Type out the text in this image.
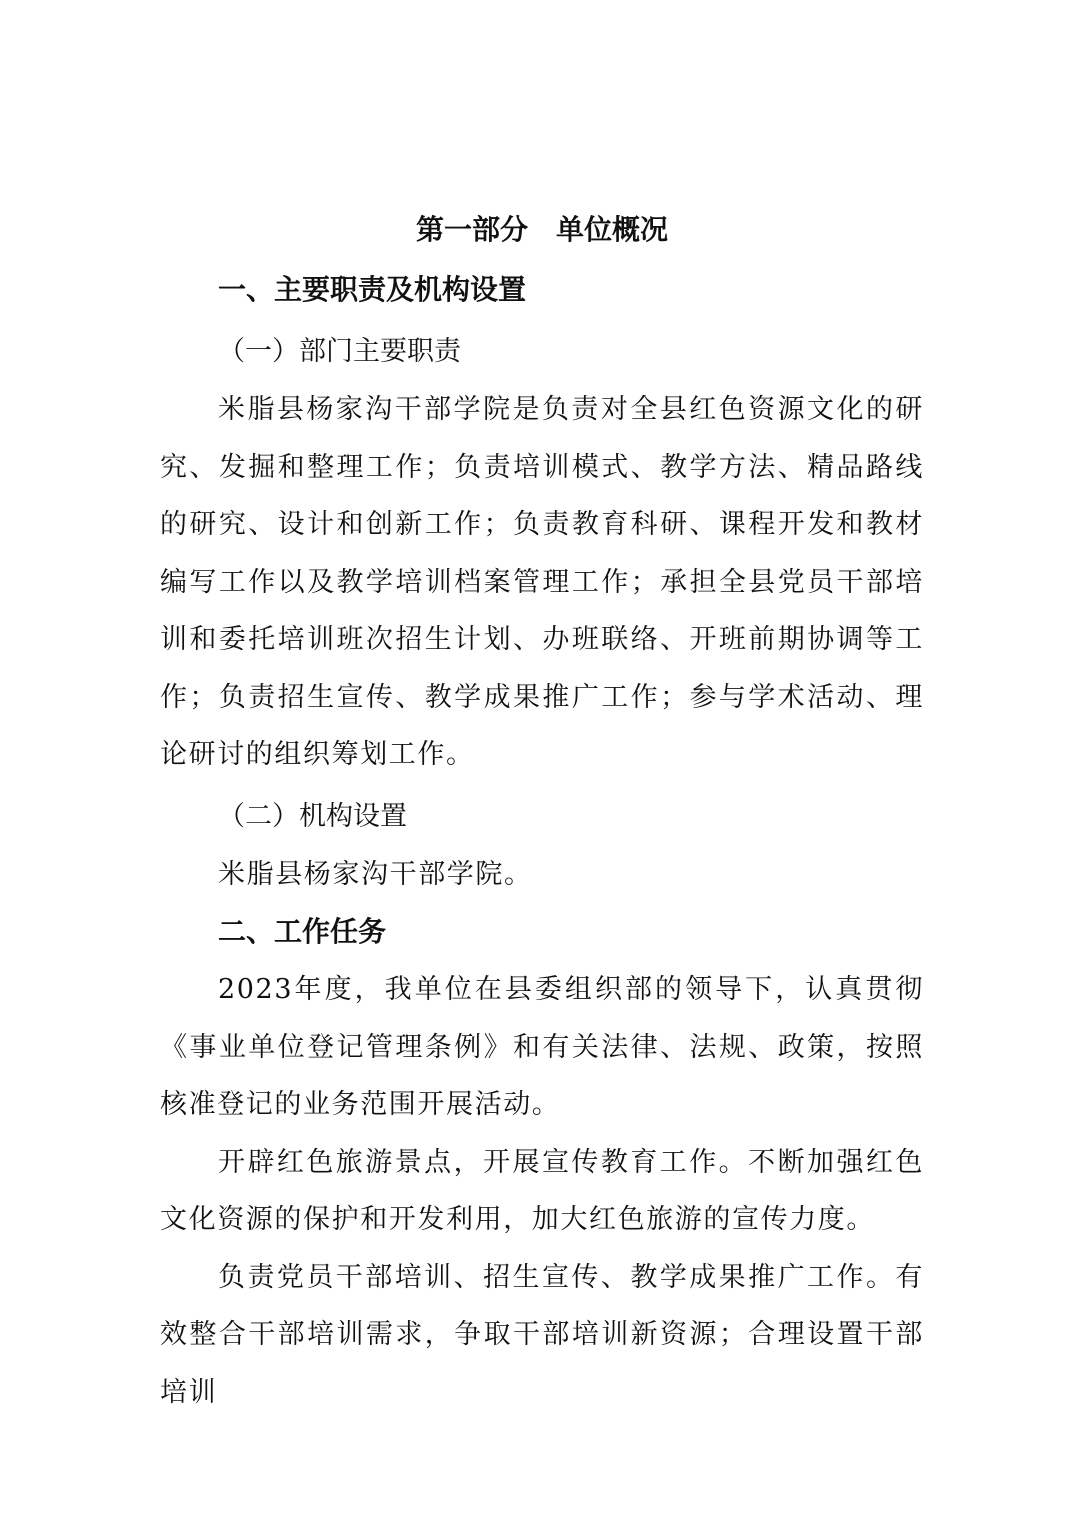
第一部分　单位概况
一、主要职责及机构设置
（一）部门主要职责

米脂县杨家沟干部学院是负责对全县红色资源文化的研究、发掘和整理工作；负责培训模式、教学方法、精品路线的研究、设计和创新工作；负责教育科研、课程开发和教材编写工作以及教学培训档案管理工作；承担全县党员干部培训和委托培训班次招生计划、办班联络、开班前期协调等工作；负责招生宣传、教学成果推广工作；参与学术活动、理论研讨的组织筹划工作。

（二）机构设置

米脂县杨家沟干部学院。

二、工作任务

2023年度，我单位在县委组织部的领导下，认真贯彻《事业单位登记管理条例》和有关法律、法规、政策，按照核准登记的业务范围开展活动。

开辟红色旅游景点，开展宣传教育工作。不断加强红色文化资源的保护和开发利用，加大红色旅游的宣传力度。

负责党员干部培训、招生宣传、教学成果推广工作。有效整合干部培训需求，争取干部培训新资源；合理设置干部培训
